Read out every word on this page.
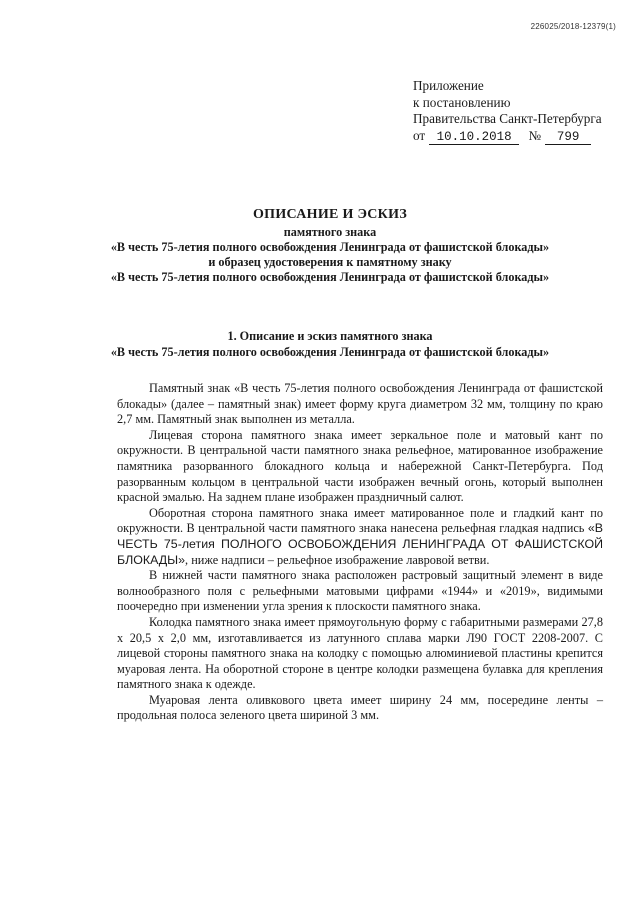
226025/2018-12379(1)
Приложение
к постановлению
Правительства Санкт-Петербурга
от 10.10.2018 № 799
ОПИСАНИЕ И ЭСКИЗ
памятного знака
«В честь 75-летия полного освобождения Ленинграда от фашистской блокады»
и образец удостоверения к памятному знаку
«В честь 75-летия полного освобождения Ленинграда от фашистской блокады»
1. Описание и эскиз памятного знака
«В честь 75-летия полного освобождения Ленинграда от фашистской блокады»

Памятный знак «В честь 75-летия полного освобождения Ленинграда от фашистской блокады» (далее – памятный знак) имеет форму круга диаметром 32 мм, толщину по краю 2,7 мм. Памятный знак выполнен из металла.

Лицевая сторона памятного знака имеет зеркальное поле и матовый кант по окружности. В центральной части памятного знака рельефное, матированное изображение памятника разорванного блокадного кольца и набережной Санкт-Петербурга. Под разорванным кольцом в центральной части изображен вечный огонь, который выполнен красной эмалью. На заднем плане изображен праздничный салют.

Оборотная сторона памятного знака имеет матированное поле и гладкий кант по окружности. В центральной части памятного знака нанесена рельефная гладкая надпись «В ЧЕСТЬ 75-летия ПОЛНОГО ОСВОБОЖДЕНИЯ ЛЕНИНГРАДА ОТ ФАШИСТСКОЙ БЛОКАДЫ», ниже надписи – рельефное изображение лавровой ветви.

В нижней части памятного знака расположен растровый защитный элемент в виде волнообразного поля с рельефными матовыми цифрами «1944» и «2019», видимыми поочередно при изменении угла зрения к плоскости памятного знака.

Колодка памятного знака имеет прямоугольную форму с габаритными размерами 27,8 х 20,5 х 2,0 мм, изготавливается из латунного сплава марки Л90 ГОСТ 2208-2007. С лицевой стороны памятного знака на колодку с помощью алюминиевой пластины крепится муаровая лента. На оборотной стороне в центре колодки размещена булавка для крепления памятного знака к одежде.

Муаровая лента оливкового цвета имеет ширину 24 мм, посередине ленты – продольная полоса зеленого цвета шириной 3 мм.
